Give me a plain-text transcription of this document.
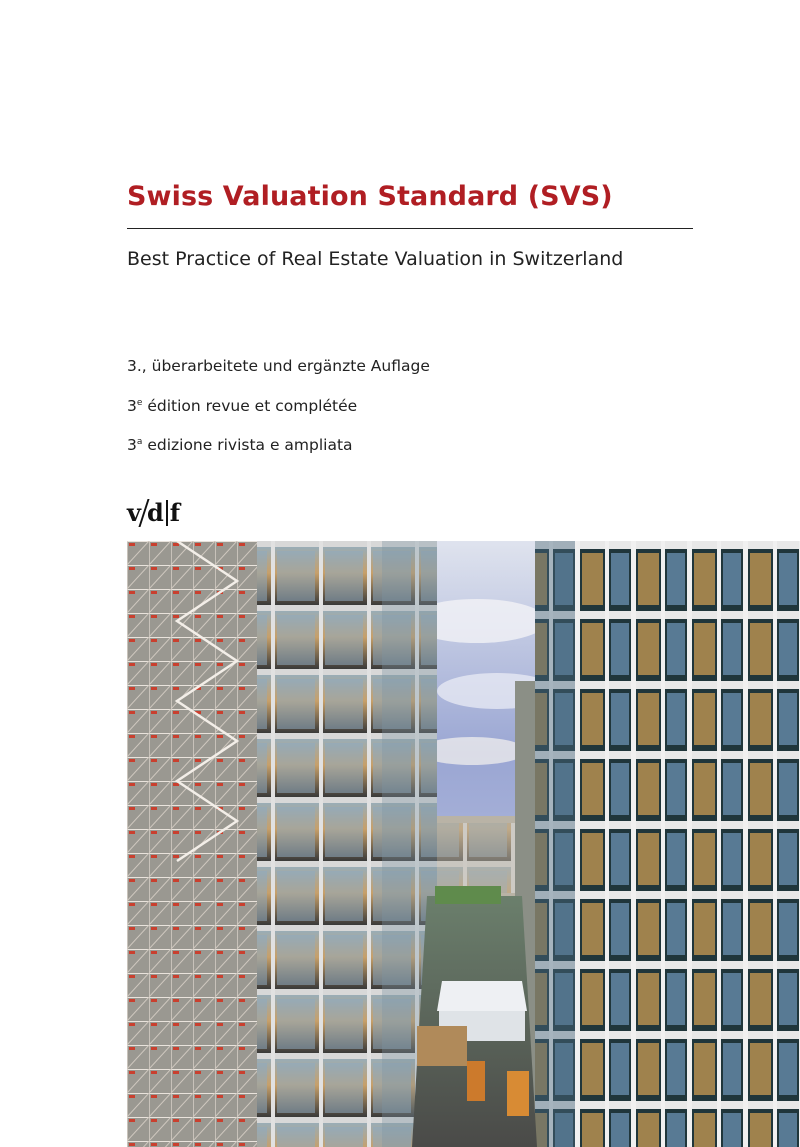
Swiss Valuation Standard (SVS)

Best Practice of Real Estate Valuation in Switzerland

3., überarbeitete und ergänzte Auflage

3e édition revue et complétée

3$^a$ edizione rivista e ampliata

v d f
